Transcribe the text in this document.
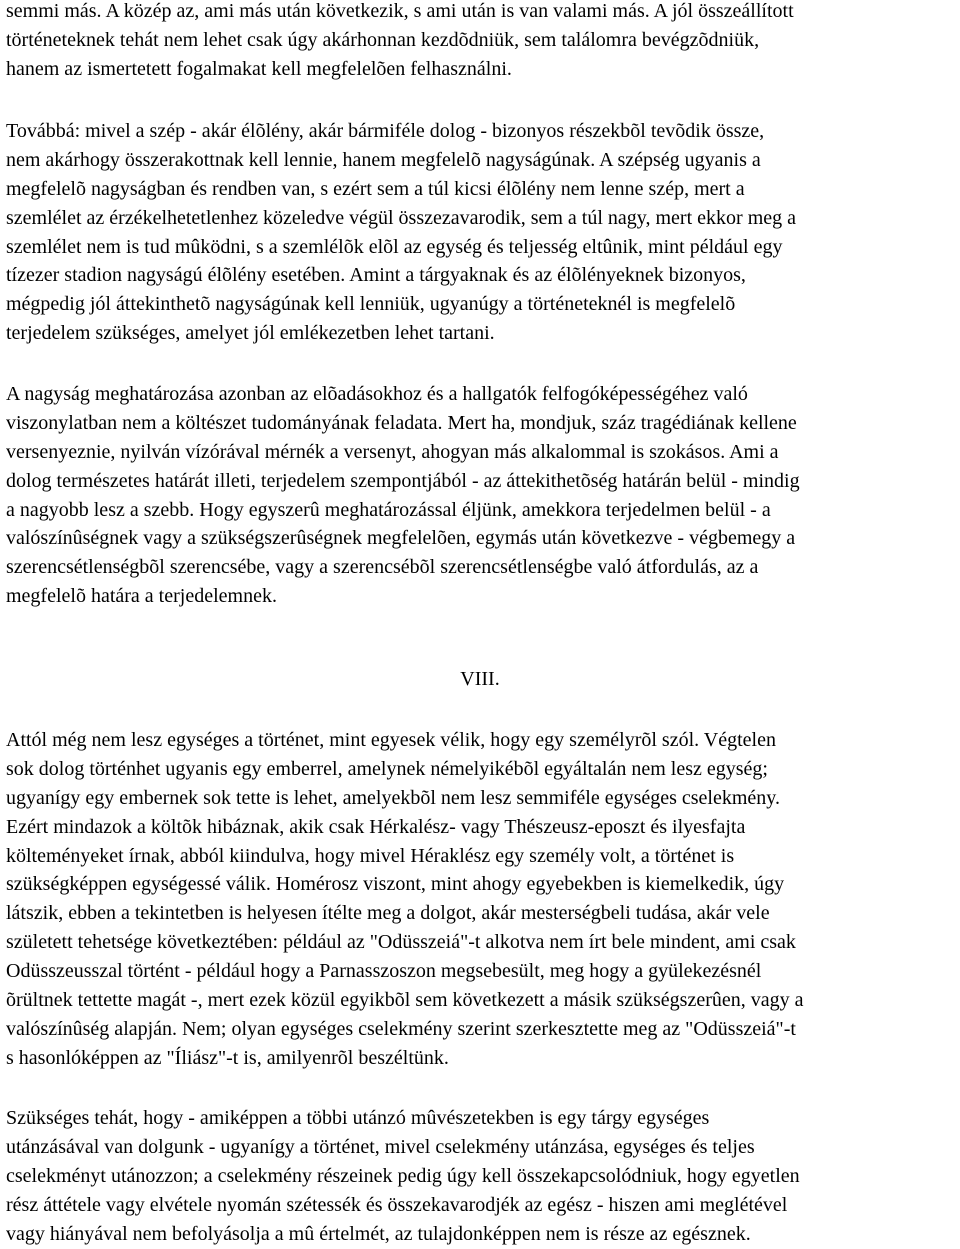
semmi más. A közép az, ami más után következik, s ami után is van valami más. A jól összeállított
történeteknek tehát nem lehet csak úgy akárhonnan kezdõdniük, sem találomra bevégzõdniük,
hanem az ismertetett fogalmakat kell megfelelõen felhasználni.
Továbbá: mivel a szép - akár élõlény, akár bármiféle dolog - bizonyos részekbõl tevõdik össze,
nem akárhogy összerakottnak kell lennie, hanem megfelelõ nagyságúnak. A szépség ugyanis a
megfelelõ nagyságban és rendben van, s ezért sem a túl kicsi élõlény nem lenne szép, mert a
szemlélet az érzékelhetetlenhez közeledve végül összezavarodik, sem a túl nagy, mert ekkor meg a
szemlélet nem is tud mûködni, s a szemlélõk elõl az egység és teljesség eltûnik, mint például egy
tízezer stadion nagyságú élõlény esetében. Amint a tárgyaknak és az élõlényeknek bizonyos,
mégpedig jól áttekinthetõ nagyságúnak kell lenniük, ugyanúgy a történeteknél is megfelelõ
terjedelem szükséges, amelyet jól emlékezetben lehet tartani.
A nagyság meghatározása azonban az elõadásokhoz és a hallgatók felfogóképességéhez való
viszonylatban nem a költészet tudományának feladata. Mert ha, mondjuk, száz tragédiának kellene
versenyeznie, nyilván vízórával mérnék a versenyt, ahogyan más alkalommal is szokásos. Ami a
dolog természetes határát illeti, terjedelem szempontjából - az áttekithetõség határán belül - mindig
a nagyobb lesz a szebb. Hogy egyszerû meghatározással éljünk, amekkora terjedelmen belül - a
valószínûségnek vagy a szükségszerûségnek megfelelõen, egymás után következve - végbemegy a
szerencsétlenségbõl szerencsébe, vagy a szerencsébõl szerencsétlenségbe való átfordulás, az a
megfelelõ határa a terjedelemnek.
VIII.
Attól még nem lesz egységes a történet, mint egyesek vélik, hogy egy személyrõl szól. Végtelen
sok dolog történhet ugyanis egy emberrel, amelynek némelyikébõl egyáltalán nem lesz egység;
ugyanígy egy embernek sok tette is lehet, amelyekbõl nem lesz semmiféle egységes cselekmény.
Ezért mindazok a költõk hibáznak, akik csak Hérkalész- vagy Thészeusz-eposzt és ilyesfajta
költeményeket írnak, abból kiindulva, hogy mivel Héraklész egy személy volt, a történet is
szükségképpen egységessé válik. Homérosz viszont, mint ahogy egyebekben is kiemelkedik, úgy
látszik, ebben a tekintetben is helyesen ítélte meg a dolgot, akár mesterségbeli tudása, akár vele
született tehetsége következtében: például az "Odüsszeiá"-t alkotva nem írt bele mindent, ami csak
Odüsszeusszal történt - például hogy a Parnasszoszon megsebesült, meg hogy a gyülekezésnél
õrültnek tettette magát -, mert ezek közül egyikbõl sem következett a másik szükségszerûen, vagy a
valószínûség alapján. Nem; olyan egységes cselekmény szerint szerkesztette meg az "Odüsszeiá"-t
s hasonlóképpen az "Íliász"-t is, amilyenrõl beszéltünk.
Szükséges tehát, hogy - amiképpen a többi utánzó mûvészetekben is egy tárgy egységes
utánzásával van dolgunk - ugyanígy a történet, mivel cselekmény utánzása, egységes és teljes
cselekményt utánozzon; a cselekmény részeinek pedig úgy kell összekapcsolódniuk, hogy egyetlen
rész áttétele vagy elvétele nyomán szétessék és összekavarodjék az egész - hiszen ami meglétével
vagy hiányával nem befolyásolja a mû értelmét, az tulajdonképpen nem is része az egésznek.
